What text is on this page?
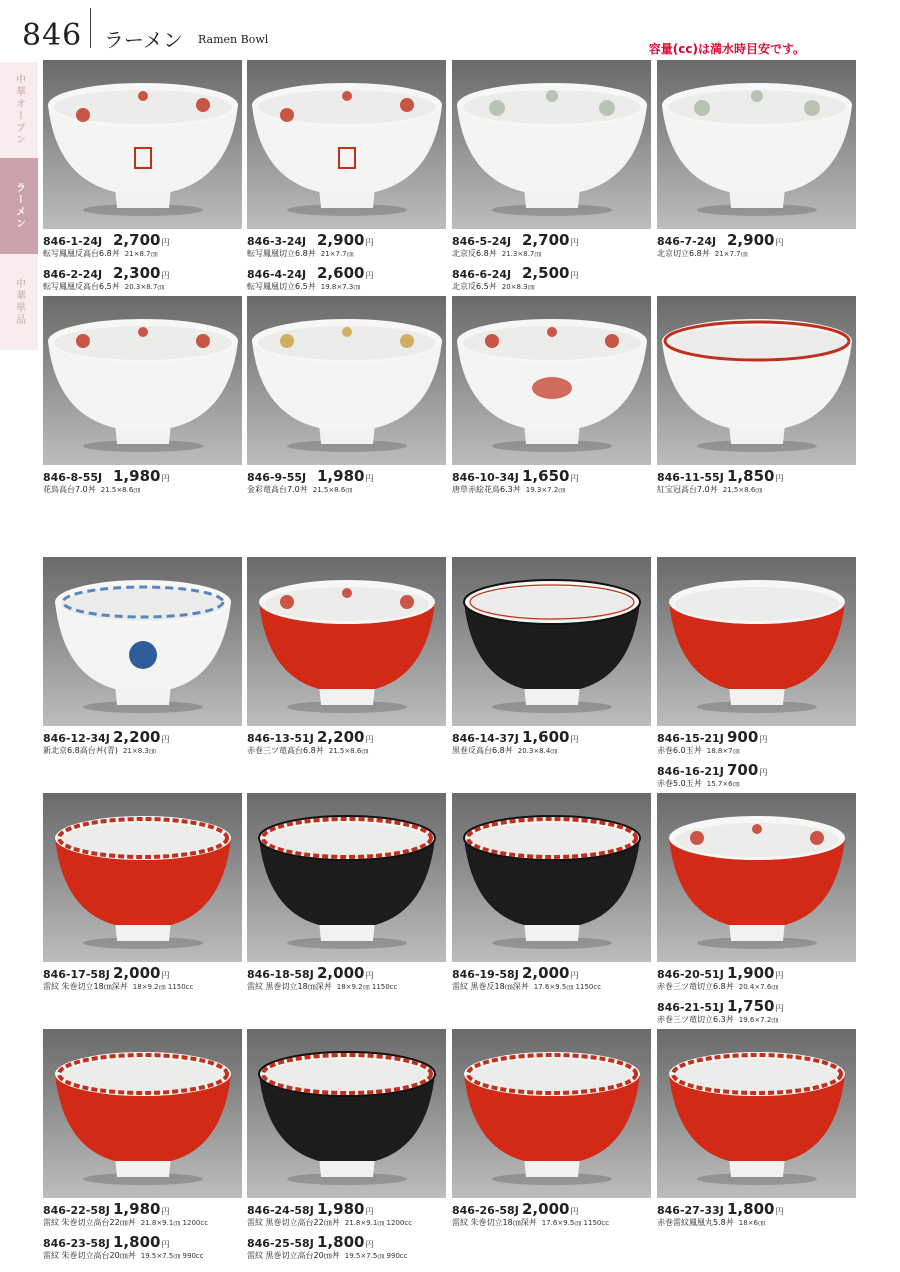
846 ラーメン Ramen Bowl
容量(cc)は満水時目安です。
中華オープン
ラーメン
中華単品
846-1-24J 2,700 円
転写鳳凰反高台6.8丼 21×8.7㎝
846-2-24J 2,300 円
転写鳳凰反高台6.5丼 20.3×8.7㎝
846-3-24J 2,900 円
転写鳳凰切立6.8丼 21×7.7㎝
846-4-24J 2,600 円
転写鳳凰切立6.5丼 19.8×7.3㎝
846-5-24J 2,700 円
北京反6.8丼 21.3×8.7㎝
846-6-24J 2,500 円
北京反6.5丼 20×8.3㎝
846-7-24J 2,900 円
北京切立6.8丼 21×7.7㎝
846-8-55J 1,980 円
花鳥高台7.0丼 21.5×8.6㎝
846-9-55J 1,980 円
金彩竜高台7.0丼 21.5×8.6㎝
846-10-34J 1,650 円
唐草赤絵花鳥6.3丼 19.3×7.2㎝
846-11-55J 1,850 円
紅宝冠高台7.0丼 21.5×8.6㎝
846-12-34J 2,200 円
新北京6.8高台丼(青) 21×8.3㎝
846-13-51J 2,200 円
赤巻三ツ竜高台6.8丼 21.5×8.6㎝
846-14-37J 1,600 円
黒巻反高台6.8丼 20.3×8.4㎝
846-15-21J 900 円
赤巻6.0玉丼 18.8×7㎝
846-16-21J 700 円
赤巻5.0玉丼 15.7×6㎝
846-17-58J 2,000 円
雷紋 朱巻切立18㎝深丼 18×9.2㎝ 1150cc
846-18-58J 2,000 円
雷紋 黒巻切立18㎝深丼 18×9.2㎝ 1150cc
846-19-58J 2,000 円
雷紋 黒巻反18㎝深丼 17.6×9.5㎝ 1150cc
846-20-51J 1,900 円
赤巻三ツ竜切立6.8丼 20.4×7.6㎝
846-21-51J 1,750 円
赤巻三ツ竜切立6.3丼 19.6×7.2㎝
846-22-58J 1,980 円
雷紋 朱巻切立高台22㎝丼 21.8×9.1㎝ 1200cc
846-23-58J 1,800 円
雷紋 朱巻切立高台20㎝丼 19.5×7.5㎝ 990cc
846-24-58J 1,980 円
雷紋 黒巻切立高台22㎝丼 21.8×9.1㎝ 1200cc
846-25-58J 1,800 円
雷紋 黒巻切立高台20㎝丼 19.5×7.5㎝ 990cc
846-26-58J 2,000 円
雷紋 朱巻切立18㎝深丼 17.6×9.5㎝ 1150cc
846-27-33J 1,800 円
赤巻雷紋鳳凰丸5.8丼 18×6㎝
